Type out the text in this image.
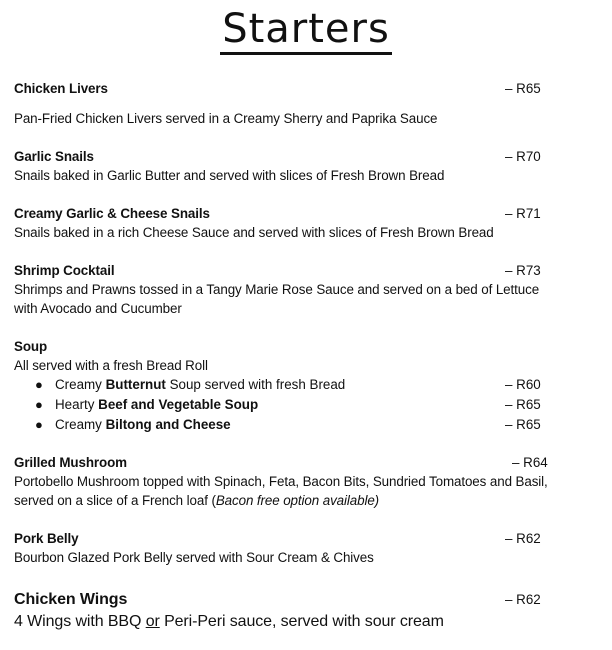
Starters
Chicken Livers	– R65
Pan-Fried Chicken Livers served in a Creamy Sherry and Paprika Sauce
Garlic Snails	– R70
Snails baked in Garlic Butter and served with slices of Fresh Brown Bread
Creamy Garlic & Cheese Snails	– R71
Snails baked in a rich Cheese Sauce and served with slices of Fresh Brown Bread
Shrimp Cocktail	– R73
Shrimps and Prawns tossed in a Tangy Marie Rose Sauce and served on a bed of Lettuce
with Avocado and Cucumber
Soup
All served with a fresh Bread Roll
● Creamy Butternut Soup served with fresh Bread	– R60
● Hearty Beef and Vegetable Soup	– R65
● Creamy Biltong and Cheese	– R65
Grilled Mushroom	– R64
Portobello Mushroom topped with Spinach, Feta, Bacon Bits, Sundried Tomatoes and Basil,
served on a slice of a French loaf (Bacon free option available)
Pork Belly	– R62
Bourbon Glazed Pork Belly served with Sour Cream & Chives
Chicken Wings	– R62
4 Wings with BBQ or Peri-Peri sauce, served with sour cream
